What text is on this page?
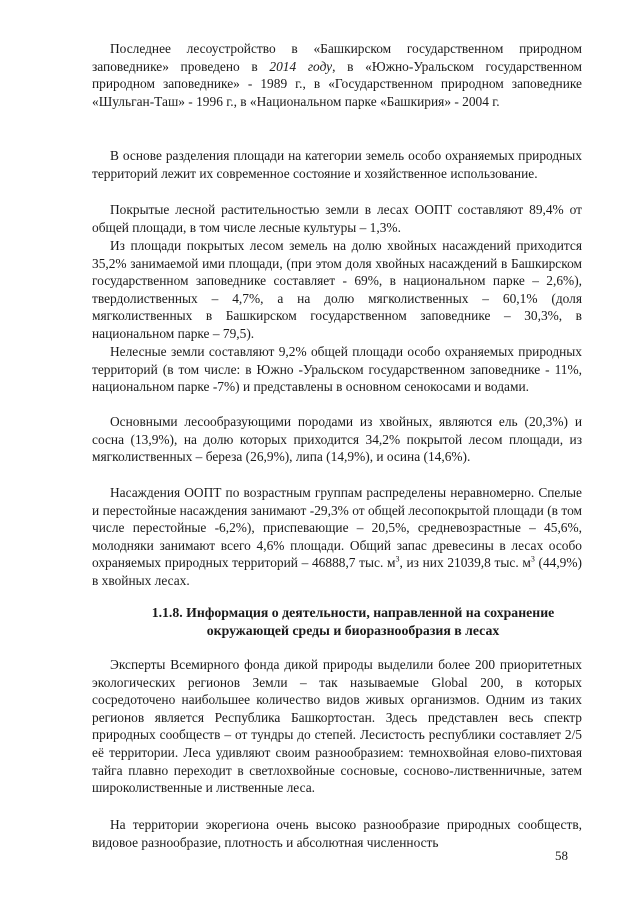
Последнее лесоустройство в «Башкирском государственном природном заповеднике» проведено в 2014 году, в «Южно-Уральском государственном природном заповеднике» - 1989 г., в «Государственном природном заповеднике «Шульган-Таш» - 1996 г., в «Национальном парке «Башкирия» - 2004 г.

В основе разделения площади на категории земель особо охраняемых природных территорий лежит их современное состояние и хозяйственное использование.

Покрытые лесной растительностью земли в лесах ООПТ составляют 89,4% от общей площади, в том числе лесные культуры – 1,3%.

Из площади покрытых лесом земель на долю хвойных насаждений приходится 35,2% занимаемой ими площади, (при этом доля хвойных насаждений в Башкирском государственном заповеднике составляет - 69%, в национальном парке – 2,6%), твердолиственных – 4,7%, а на долю мягколиственных – 60,1% (доля мягколиственных в Башкирском государственном заповеднике – 30,3%, в национальном парке – 79,5).

Нелесные земли составляют 9,2% общей площади особо охраняемых природных территорий (в том числе: в Южно -Уральском государственном заповеднике - 11%, национальном парке -7%) и представлены в основном сенокосами и водами.

Основными лесообразующими породами из хвойных, являются ель (20,3%) и сосна (13,9%), на долю которых приходится 34,2% покрытой лесом площади, из мягколиственных – береза (26,9%), липа (14,9%), и осина (14,6%).

Насаждения ООПТ по возрастным группам распределены неравномерно. Спелые и перестойные насаждения занимают -29,3% от общей лесопокрытой площади (в том числе перестойные -6,2%), приспевающие – 20,5%, средневозрастные – 45,6%, молодняки занимают всего 4,6% площади. Общий запас древесины в лесах особо охраняемых природных территорий – 46888,7 тыс. $м^3$, из них 21039,8 тыс. $м^3$ (44,9%) в хвойных лесах.

1.1.8. Информация о деятельности, направленной на сохранение окружающей среды и биоразнообразия в лесах

Эксперты Всемирного фонда дикой природы выделили более 200 приоритетных экологических регионов Земли – так называемые Global 200, в которых сосредоточено наибольшее количество видов живых организмов. Одним из таких регионов является Республика Башкортостан. Здесь представлен весь спектр природных сообществ – от тундры до степей. Лесистость республики составляет 2/5 её территории. Леса удивляют своим разнообразием: темнохвойная елово-пихтовая тайга плавно переходит в светлохвойные сосновые, сосново-лиственничные, затем широколиственные и лиственные леса.

На территории экорегиона очень высоко разнообразие природных сообществ, видовое разнообразие, плотность и абсолютная численность

58
